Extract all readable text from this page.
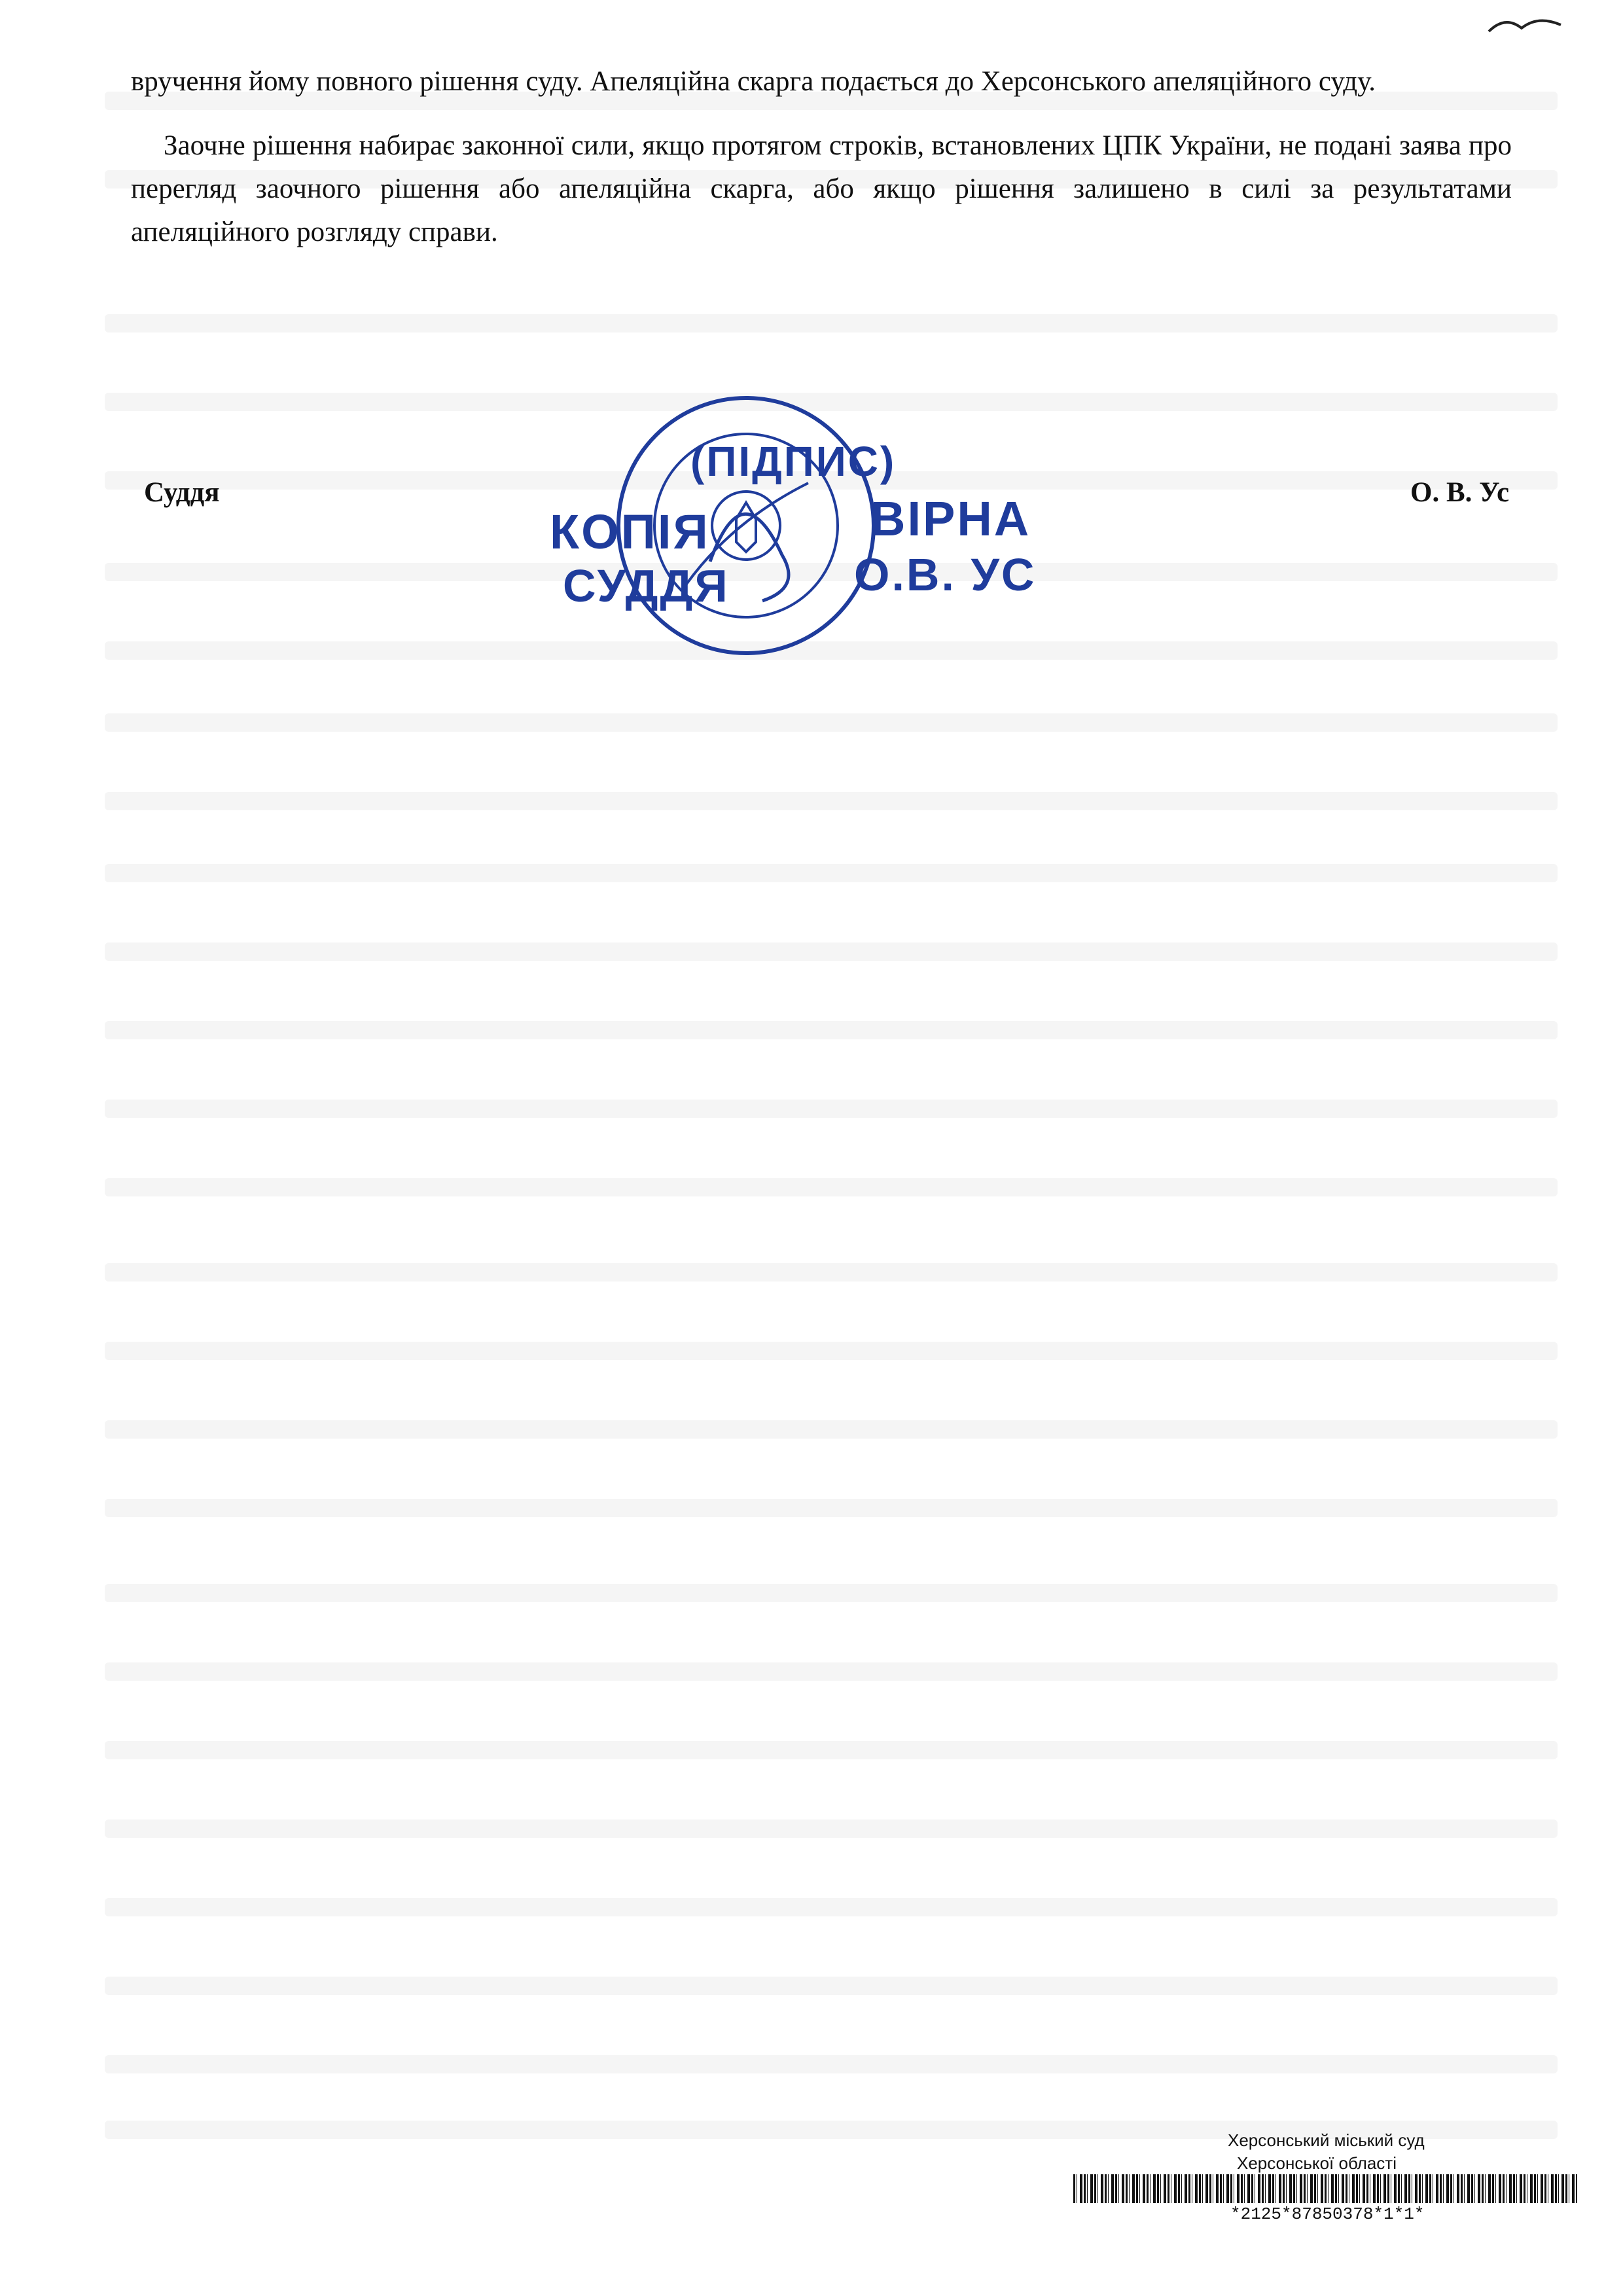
вручення йому повного рішення суду. Апеляційна скарга подається до Херсонського апеляційного суду.
Заочне рішення набирає законної сили, якщо протягом строків, встановлених ЦПК України, не подані заява про перегляд заочного рішення або апеляційна скарга, або якщо рішення залишено в силі за результатами апеляційного розгляду справи.
Суддя	О. В. Ус
(ПІДПИС)
КОПІЯ	ВІРНА
СУДДЯ	О.В. УС
Херсонський міський суд
Херсонської області
*2125*87850378*1*1*
